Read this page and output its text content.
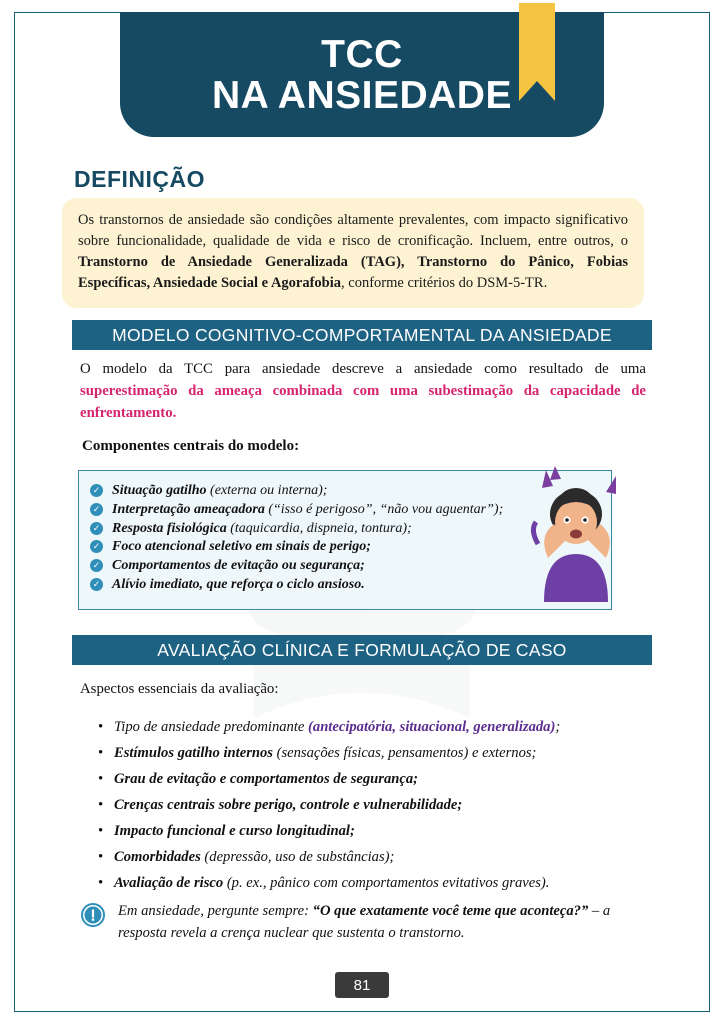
TCC
NA ANSIEDADE
DEFINIÇÃO
Os transtornos de ansiedade são condições altamente prevalentes, com impacto significativo sobre funcionalidade, qualidade de vida e risco de cronificação. Incluem, entre outros, o Transtorno de Ansiedade Generalizada (TAG), Transtorno do Pânico, Fobias Específicas, Ansiedade Social e Agorafobia, conforme critérios do DSM-5-TR.
MODELO COGNITIVO-COMPORTAMENTAL DA ANSIEDADE
O modelo da TCC para ansiedade descreve a ansiedade como resultado de uma superestimação da ameaça combinada com uma subestimação da capacidade de enfrentamento.
Componentes centrais do modelo:
✓ Situação gatilho (externa ou interna);
✓ Interpretação ameaçadora (“isso é perigoso”, “não vou aguentar”);
✓ Resposta fisiológica (taquicardia, dispneia, tontura);
✓ Foco atencional seletivo em sinais de perigo;
✓ Comportamentos de evitação ou segurança;
✓ Alívio imediato, que reforça o ciclo ansioso.
AVALIAÇÃO CLÍNICA E FORMULAÇÃO DE CASO
Aspectos essenciais da avaliação:
• Tipo de ansiedade predominante (antecipatória, situacional, generalizada);
• Estímulos gatilho internos (sensações físicas, pensamentos) e externos;
• Grau de evitação e comportamentos de segurança;
• Crenças centrais sobre perigo, controle e vulnerabilidade;
• Impacto funcional e curso longitudinal;
• Comorbidades (depressão, uso de substâncias);
• Avaliação de risco (p. ex., pânico com comportamentos evitativos graves).
Em ansiedade, pergunte sempre: “O que exatamente você teme que aconteça?” – a resposta revela a crença nuclear que sustenta o transtorno.
81
